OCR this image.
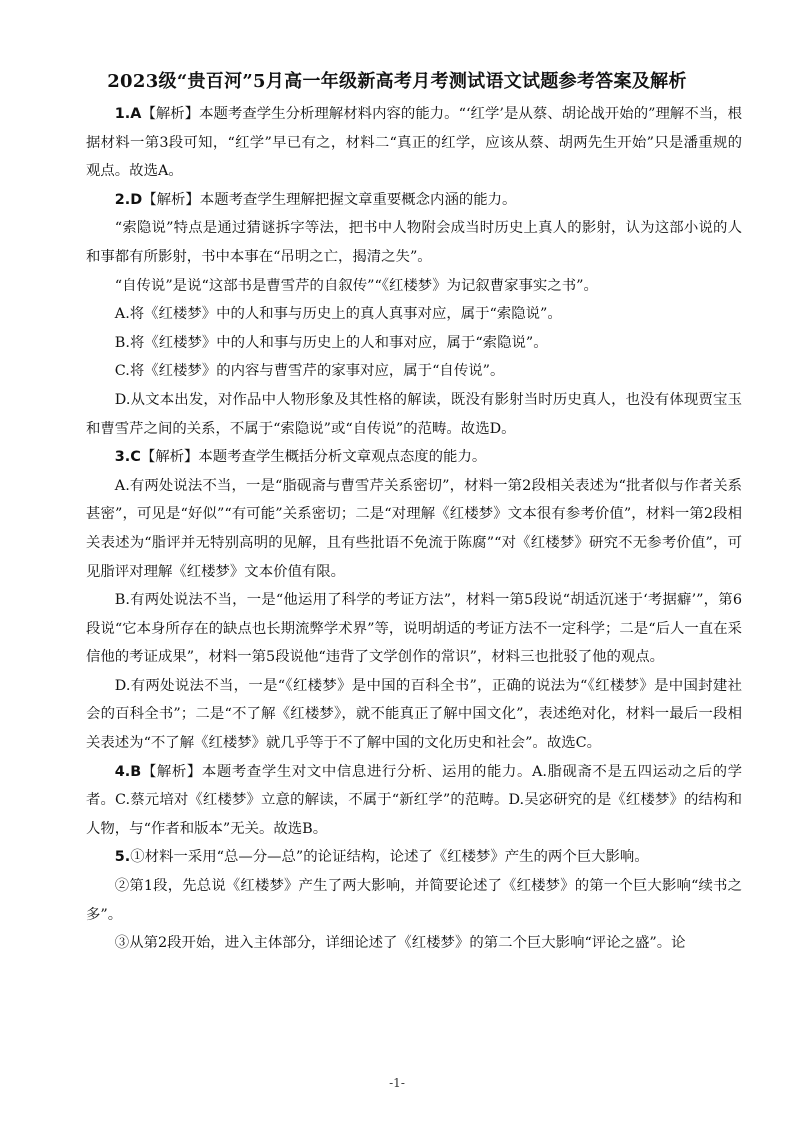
2023级“贵百河”5月高一年级新高考月考测试语文试题参考答案及解析

1.A【解析】本题考查学生分析理解材料内容的能力。“‘红学’是从蔡、胡论战开始的”理解不当，根据材料一第3段可知，“红学”早已有之，材料二“真正的红学，应该从蔡、胡两先生开始”只是潘重规的观点。故选A。

2.D【解析】本题考查学生理解把握文章重要概念内涵的能力。

“索隐说”特点是通过猜谜拆字等法，把书中人物附会成当时历史上真人的影射，认为这部小说的人和事都有所影射，书中本事在“吊明之亡，揭清之失”。

“自传说”是说“这部书是曹雪芹的自叙传”“《红楼梦》为记叙曹家事实之书”。

A.将《红楼梦》中的人和事与历史上的真人真事对应，属于“索隐说”。

B.将《红楼梦》中的人和事与历史上的人和事对应，属于“索隐说”。

C.将《红楼梦》的内容与曹雪芹的家事对应，属于“自传说”。

D.从文本出发，对作品中人物形象及其性格的解读，既没有影射当时历史真人，也没有体现贾宝玉和曹雪芹之间的关系，不属于“索隐说”或“自传说”的范畴。故选D。

3.C【解析】本题考查学生概括分析文章观点态度的能力。

A.有两处说法不当，一是“脂砚斋与曹雪芹关系密切”，材料一第2段相关表述为“批者似与作者关系甚密”，可见是“好似”“有可能”关系密切；二是“对理解《红楼梦》文本很有参考价值”，材料一第2段相关表述为“脂评并无特别高明的见解，且有些批语不免流于陈腐”“对《红楼梦》研究不无参考价值”，可见脂评对理解《红楼梦》文本价值有限。

B.有两处说法不当，一是“他运用了科学的考证方法”，材料一第5段说“胡适沉迷于‘考据癖’”，第6段说“它本身所存在的缺点也长期流弊学术界”等，说明胡适的考证方法不一定科学；二是“后人一直在采信他的考证成果”，材料一第5段说他“违背了文学创作的常识”，材料三也批驳了他的观点。

D.有两处说法不当，一是“《红楼梦》是中国的百科全书”，正确的说法为“《红楼梦》是中国封建社会的百科全书”；二是“不了解《红楼梦》，就不能真正了解中国文化”，表述绝对化，材料一最后一段相关表述为“不了解《红楼梦》就几乎等于不了解中国的文化历史和社会”。故选C。

4.B【解析】本题考查学生对文中信息进行分析、运用的能力。A.脂砚斋不是五四运动之后的学者。C.蔡元培对《红楼梦》立意的解读，不属于“新红学”的范畴。D.吴宓研究的是《红楼梦》的结构和人物，与“作者和版本”无关。故选B。

5.①材料一采用“总—分—总”的论证结构，论述了《红楼梦》产生的两个巨大影响。

②第1段，先总说《红楼梦》产生了两大影响，并简要论述了《红楼梦》的第一个巨大影响“续书之多”。

③从第2段开始，进入主体部分，详细论述了《红楼梦》的第二个巨大影响“评论之盛”。论

-1-
